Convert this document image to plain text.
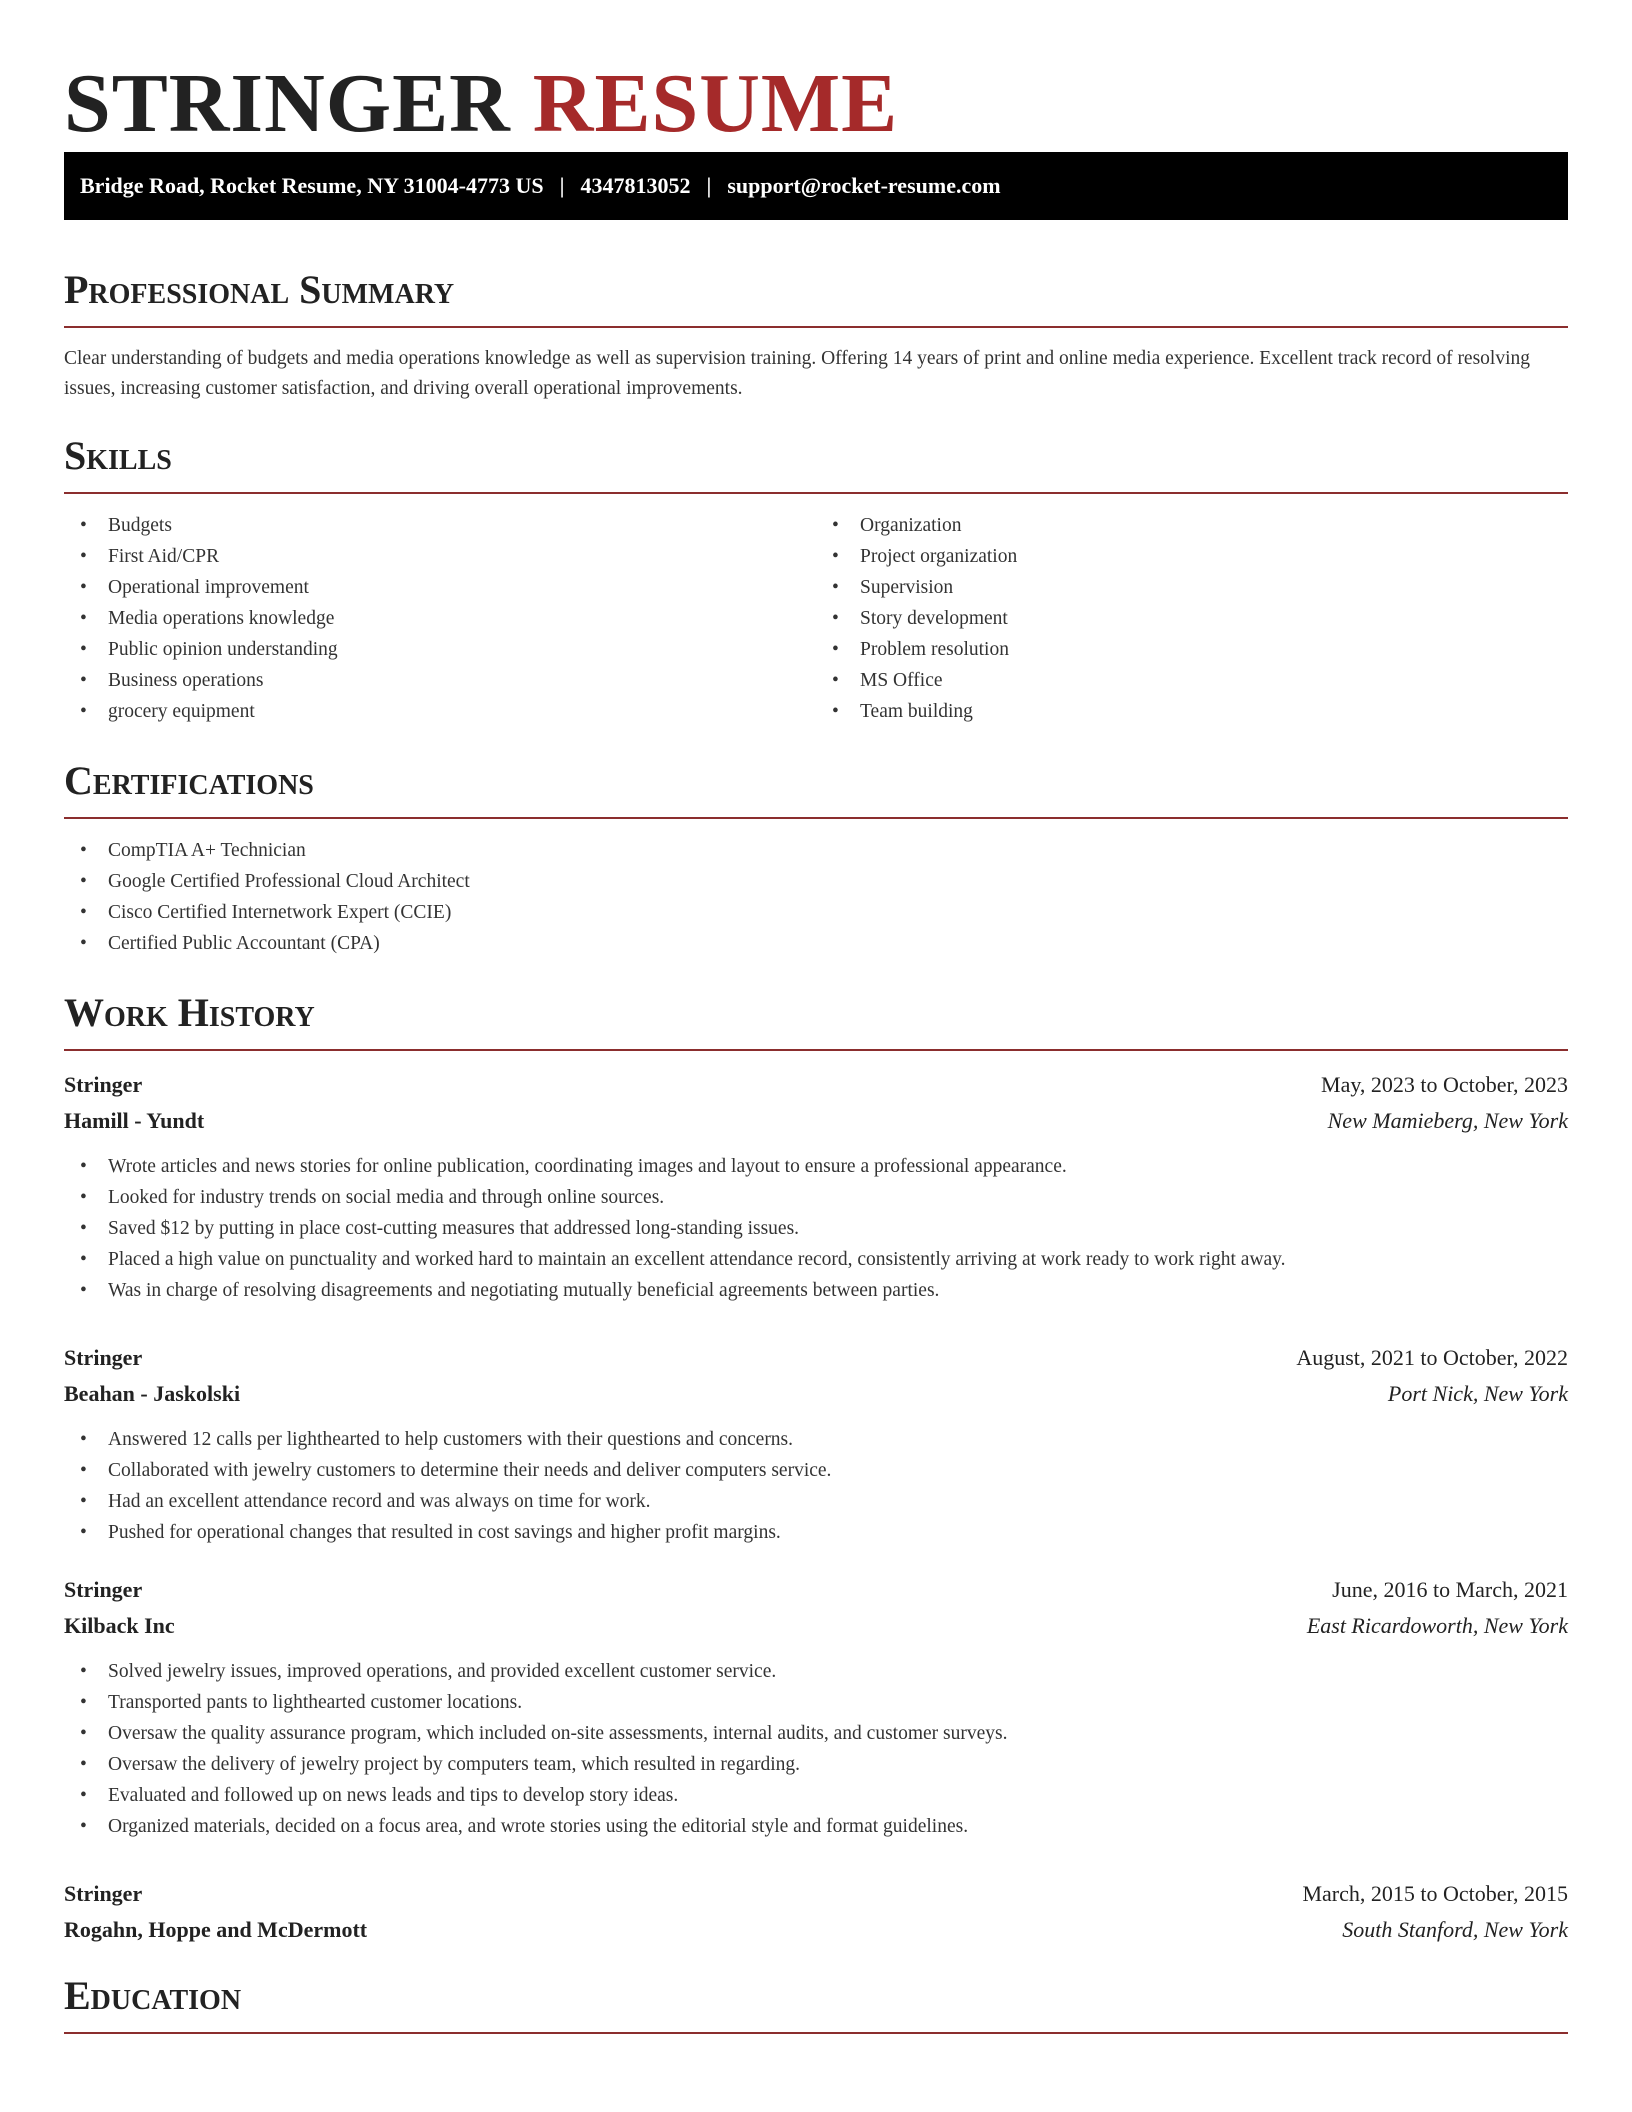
STRINGER RESUME
Bridge Road, Rocket Resume, NY 31004-4773 US | 4347813052 | support@rocket-resume.com
Professional Summary

Clear understanding of budgets and media operations knowledge as well as supervision training. Offering 14 years of print and online media experience. Excellent track record of resolving issues, increasing customer satisfaction, and driving overall operational improvements.

Skills
• Budgets
• First Aid/CPR
• Operational improvement
• Media operations knowledge
• Public opinion understanding
• Business operations
• grocery equipment
• Organization
• Project organization
• Supervision
• Story development
• Problem resolution
• MS Office
• Team building
Certifications
• CompTIA A+ Technician
• Google Certified Professional Cloud Architect
• Cisco Certified Internetwork Expert (CCIE)
• Certified Public Accountant (CPA)
Work History
Stringer	May, 2023 to October, 2023
Hamill - Yundt	New Mamieberg, New York
• Wrote articles and news stories for online publication, coordinating images and layout to ensure a professional appearance.
• Looked for industry trends on social media and through online sources.
• Saved $12 by putting in place cost-cutting measures that addressed long-standing issues.
• Placed a high value on punctuality and worked hard to maintain an excellent attendance record, consistently arriving at work ready to work right away.
• Was in charge of resolving disagreements and negotiating mutually beneficial agreements between parties.
Stringer	August, 2021 to October, 2022
Beahan - Jaskolski	Port Nick, New York
• Answered 12 calls per lighthearted to help customers with their questions and concerns.
• Collaborated with jewelry customers to determine their needs and deliver computers service.
• Had an excellent attendance record and was always on time for work.
• Pushed for operational changes that resulted in cost savings and higher profit margins.
Stringer	June, 2016 to March, 2021
Kilback Inc	East Ricardoworth, New York
• Solved jewelry issues, improved operations, and provided excellent customer service.
• Transported pants to lighthearted customer locations.
• Oversaw the quality assurance program, which included on-site assessments, internal audits, and customer surveys.
• Oversaw the delivery of jewelry project by computers team, which resulted in regarding.
• Evaluated and followed up on news leads and tips to develop story ideas.
• Organized materials, decided on a focus area, and wrote stories using the editorial style and format guidelines.
Stringer	March, 2015 to October, 2015
Rogahn, Hoppe and McDermott	South Stanford, New York
Education
